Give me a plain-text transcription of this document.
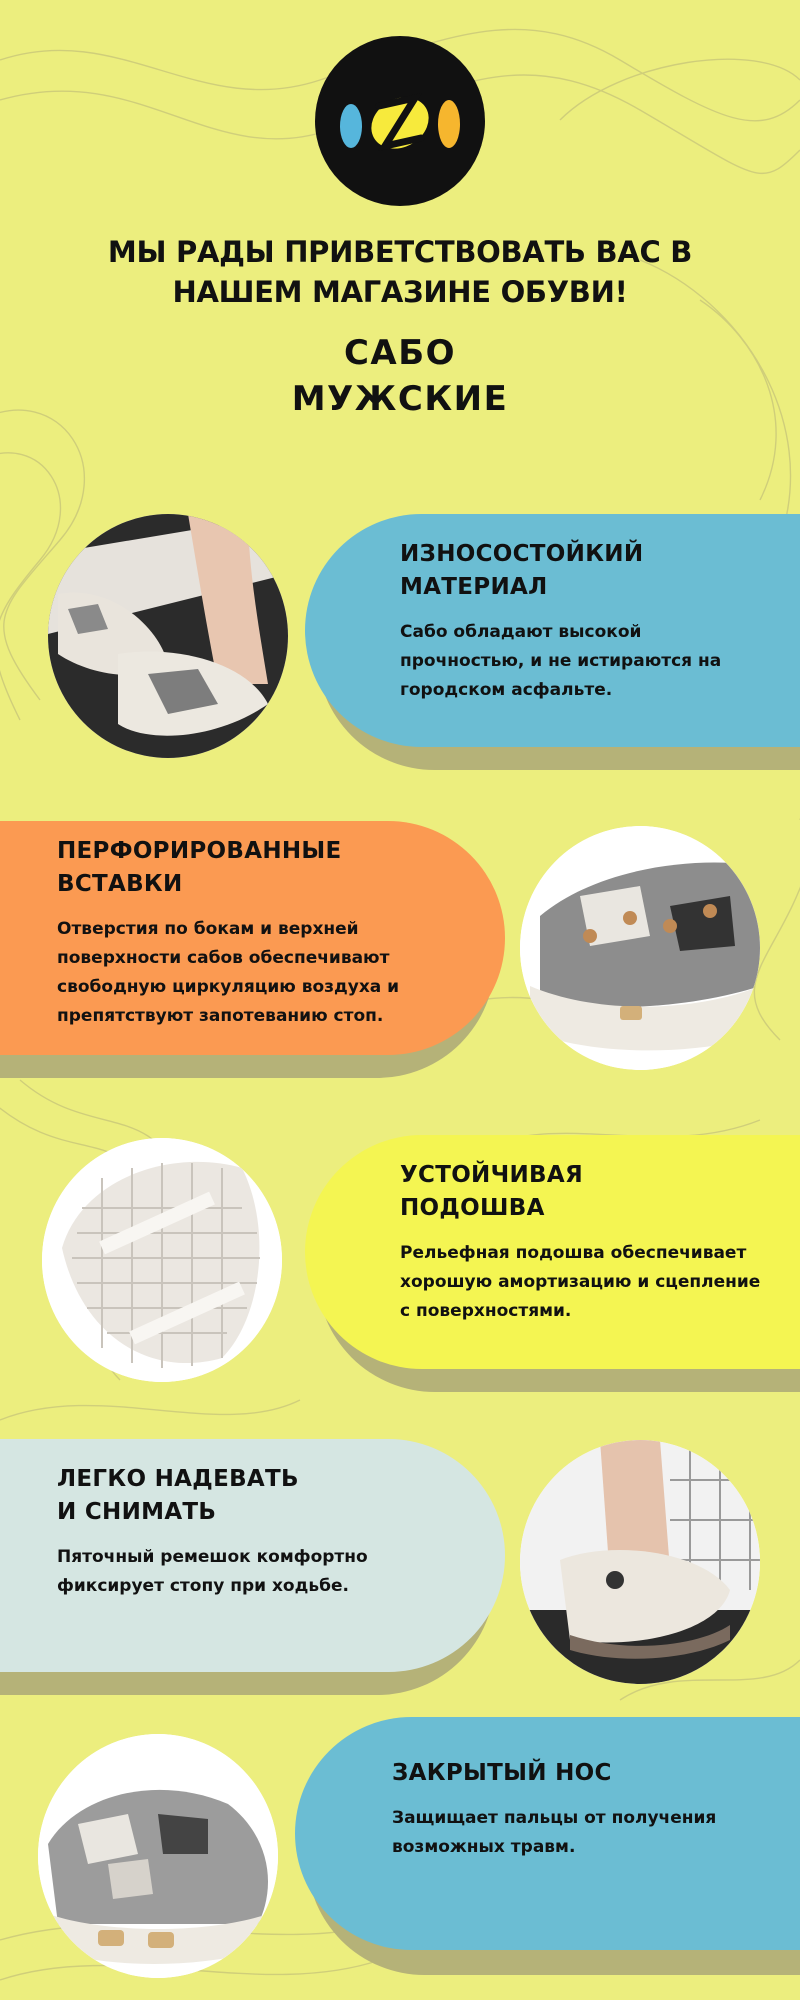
МЫ РАДЫ ПРИВЕТСТВОВАТЬ ВАС В НАШЕМ МАГАЗИНЕ ОБУВИ!
САБО
МУЖСКИЕ
ИЗНОСОСТОЙКИЙ МАТЕРИАЛ

Сабо обладают высокой прочностью, и не истираются на городском асфальте.

ПЕРФОРИРОВАННЫЕ ВСТАВКИ

Отверстия по бокам и верхней поверхности сабов обеспечивают свободную циркуляцию воздуха и препятствуют запотеванию стоп.

УСТОЙЧИВАЯ ПОДОШВА

Рельефная подошва обеспечивает хорошую амортизацию и сцепление с поверхностями.

ЛЕГКО НАДЕВАТЬ И СНИМАТЬ

Пяточный ремешок комфортно фиксирует стопу при ходьбе.

ЗАКРЫТЫЙ НОС

Защищает пальцы от получения возможных травм.
